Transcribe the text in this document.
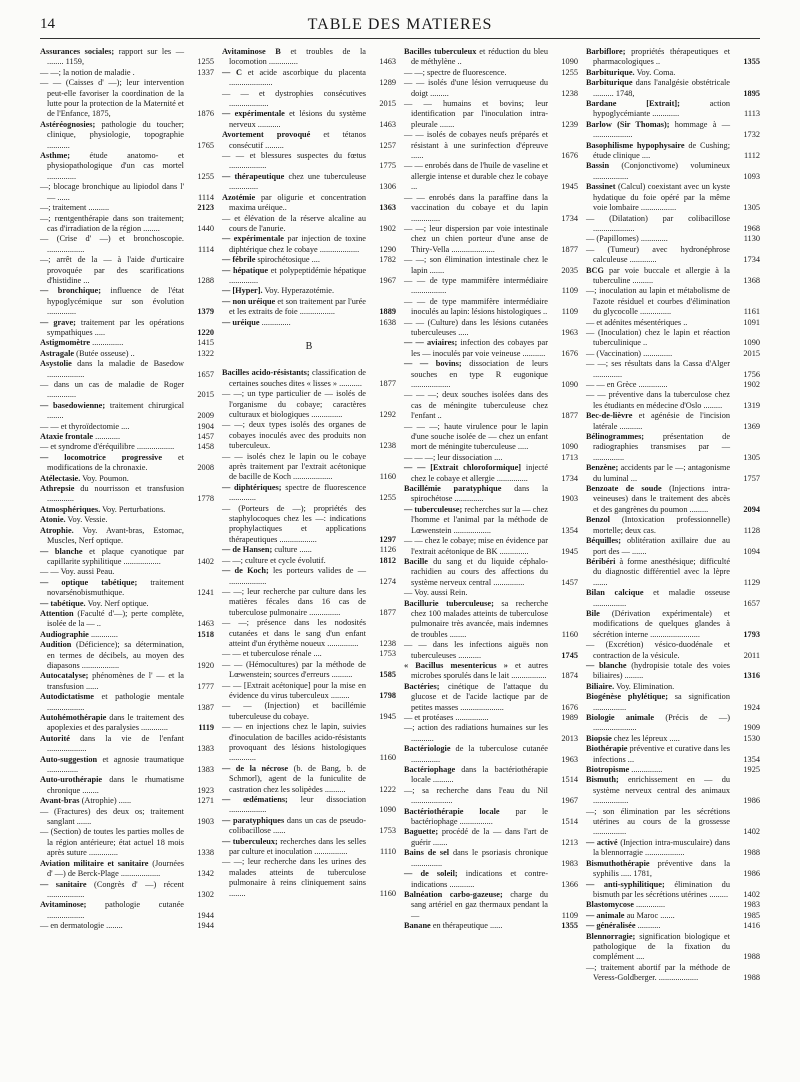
14	TABLE DES MATIERES
Assurances sociales; rapport sur les — ........ 1159,	1255
— —; la notion de maladie .	1337
— — (Caisses d' —); leur intervention peut-elle favoriser la coordination de la lutte pour la protection de la Maternité et de l'Enfance, 1875,	1876
Astéréognosies; pathologie du toucher; clinique, physiologie, topographie ...........	1765
Asthme; étude anatomo- et physiopathologique d'un cas mortel ..............	1255
—; blocage bronchique au lipiodol dans l' — ......	1114
—; traitement ..........	2123
—; rœntgenthérapie dans son traitement; cas d'irradiation de la région ........	1440
— (Crise d' —) et bronchoscopie. ..................	1114
—; arrêt de la — à l'aide d'urticaire provoquée par des scarifications d'histidine ...	1288
— bronchique; influence de l'état hypoglycémique sur son évolution ..............	1379
— grave; traitement par les opérations sympathiques .....	1220
Astigmomètre ...............	1415
Astragale (Butée osseuse) ..	1322
Asystolie dans la maladie de Basedow ..................	1657
— dans un cas de maladie de Roger ..............	2015
— basedowienne; traitement chirurgical ........	2009
— — et thyroïdectomie ....	1904
Ataxie frontale ............	1457
— et syndrome d'éréquilibre ..................	1458
— locomotrice progressive et modifications de la chronaxie.	2008
Atélectasie. Voy. Poumon.
Athrepsie du nourrisson et transfusion .............	1778
Atmosphériques. Voy. Perturbations.
Atonie. Voy. Vessie.
Atrophie. Voy. Avant-bras, Estomac, Muscles, Nerf optique.
— blanche et plaque cyanotique par capillarite syphilitique ..................	1402
— — Voy. aussi Peau.
— optique tabétique; traitement novarsénobismuthique.	1241
— tabétique. Voy. Nerf optique.
Attention (Faculté d'—); perte complète, isolée de la — ..	1463
Audiographie .............	1518
Audition (Déficience); sa détermination, en termes de décibels, au moyen des diapasons ..................	1920
Autocatalyse; phénomènes de l' — et la transfusion ......	1777
Autodictatisme et pathologie mentale ..................	1387
Autohémothérapie dans le traitement des apoplexies et des paralysies .............	1119
Autorité dans la vie de l'enfant ...................	1383
Auto-suggestion et agnosie traumatique ...............	1383
Auto-urothérapie dans le rhumatisme chronique ........	1923
Avant-bras (Atrophie) ......	1271
— (Fractures) des deux os; traitement sanglant .......	1903
— (Section) de toutes les parties molles de la région antérieure; état actuel 18 mois après suture ..............	1338
Aviation militaire et sanitaire (Journées d' —) de Berck-Plage ...................	1342
— sanitaire (Congrès d' —) récent ..................	1302
Avitaminose; pathologie cutanée ..................	1944
— en dermatologie ........	1944
Avitaminose B et troubles de la locomotion ..............	1463
— C et acide ascorbique du placenta .....................	1289
— — et dystrophies consécutives ...................	2015
— expérimentale et lésions du système nerveux ...........	1463
Avortement provoqué et tétanos consécutif .........	1257
— — et blessures suspectes du fœtus ..................	1775
— thérapeutique chez une tuberculeuse ..............	1306
Azotémie par oligurie et concentration maxima uréique..	1363
— et élévation de la réserve alcaline au cours de l'anurie.	1902
— expérimentale par injection de toxine diphtérique chez le cobaye ................... 1290
— fébrile spirochétosique ....	1782
— hépatique et polypeptidémie hépatique ..............	1967
— [Hyper]. Voy. Hyperazotémie.
— non uréique et son traitement par l'urée et les extraits de foie .................	1889
— uréique ..............	1638
B
Bacilles acido-résistants; classification de certaines souches dites « lisses » ........... 1877
— —; un type particulier de — isolés de l'organisme du cobaye; caractères culturaux et biologiques ...............	1292
— —; deux types isolés des organes de cobayes inoculés avec des produits non tuberculeux.	1238
— — isolés chez le lapin ou le cobaye après traitement par l'extrait acétonique de bacille de Koch ...................	1160
— diphtériques; spectre de fluorescence .............	1255
— (Porteurs de —); propriétés des staphylocoques chez les —: indications prophylactiques et applications thérapeutiques ..................	1297
— de Hansen; culture ......	1126
— —; culture et cycle évolutif.	1812
— de Koch; les porteurs valides de — ..................	1274
— —; leur recherche par culture dans les matières fécales dans 16 cas de tuberculose pulmonaire ...............	1877
— —; présence dans les nodosités cutanées et dans le sang d'un enfant atteint d'un érythème noueux ...............	1238
— — et tuberculose rénale ....	1753
— — (Hémocultures) par la méthode de Lœwenstein; sources d'erreurs ..........	1585
— — [Extrait acétonique] pour la mise en évidence du virus tuberculeux .........	1798
— — (Injection) et bacillémie tuberculeuse du cobaye.	1945
— — en injections chez le lapin, suivies d'inoculation de bacilles acido-résistants provoquant des lésions histologiques .............	1160
— de la nécrose (b. de Bang, b. de Schmorl), agent de la funiculite de castration chez les solipèdes ..........	1222
— œdématiens; leur dissociation ..................	1090
— paratyphiques dans un cas de pseudo-colibacillose ......	1753
— tuberculeux; recherches dans les selles par culture et inoculation ................	1110
— —; leur recherche dans les urines des malades atteints de tuberculose pulmonaire à reins cliniquement sains ........	1160
Bacilles tuberculeux et réduction du bleu de méthylène ..	1090
— —; spectre de fluorescence.	1255
— — isolés d'une lésion verruqueuse du doigt .........	1238
— — humains et bovins; leur identification par l'inoculation intra-pleurale .......	1239
— — isolés de cobayes neufs préparés et résistant à une surinfection d'épreuve ......	1676
— — enrobés dans de l'huile de vaseline et allergie intense et durable chez le cobaye ...	1945
— — enrobés dans la paraffine dans la vaccination du cobaye et du lapin ..............	1734
— —; leur dispersion par voie intestinale chez un chien porteur d'une anse de Thiry-Vella .....................	1877
— —; son élimination intestinale chez le lapin .......	2035
— — de type mammifère intermédiaire .................	1109
— — de type mammifère intermédiaire inoculés au lapin: lésions histologiques .. 1109
— — (Culture) dans les lésions cutanées tuberculeuses .....	1963
— — aviaires; infection des cobayes par les — inoculés par voie veineuse ........... 1676
— — bovins; dissociation de leurs souches en type R eugonique ...................	1090
— — —; deux souches isolées dans des cas de méningite tuberculeuse chez l'enfant ..	1877
— — —; haute virulence pour le lapin d'une souche isolée de — chez un enfant mort de méningite tuberculeuse .....	1090
— — —; leur dissociation ....	1713
— — [Extrait chloroformique] injecté chez le cobaye et allergie ...............	1734
Bacillémie paratyphique dans la spirochétose ..............	1903
— tuberculeuse; recherches sur la — chez l'homme et l'animal par la méthode de Lœwenstein ..................	1354
— — chez le cobaye; mise en évidence par l'extrait acétonique de BK ..............	1945
Bacille du sang et du liquide céphalo-rachidien au cours des affections du système nerveux central ...............	1457
— Voy. aussi Rein.
Bacillurie tuberculeuse; sa recherche chez 100 malades atteints de tuberculose pulmonaire très avancée, mais indemnes de troubles ........	1160
— — dans les infections aiguës non tuberculeuses ...........	1745
« Bacillus mesentericus » et autres microbes sporulés dans le lait ................. 1874
Bactéries; cinétique de l'attaque du glucose et de l'acide lactique par de petites masses .....................	1676
— et protéases ................	1989
—; action des radiations humaines sur les ...........	2013
Bactériologie de la tuberculose cutanée ..............	1963
Bactériophage dans la bactériothérapie locale ..........	1514
—; sa recherche dans l'eau du Nil ....................	1967
Bactériothérapie locale par le bactériophage ................	1514
Baguette; procédé de la — dans l'art de guérir .......	1213
Bains de sel dans le psoriasis chronique ...............	1983
— de soleil; indications et contre-indications ............	1366
Balnéation carbo-gazeuse; charge du sang artériel en gaz thermaux pendant la —	1109
Banane en thérapeutique ......	1355
Barbiflore; propriétés thérapeutiques et pharmacologiques ..	1355
Barbiturique. Voy. Coma.
Barbiturique dans l'analgésie obstétricale .......... 1748,	1895
Bardane [Extrait]; action hypoglycémiante .............	1113
Barlow (Sir Thomas); hommage à — ...................	1732
Basophilisme hypophysaire de Cushing; étude clinique ....	1112
Bassin (Conjonctivome) volumineux .................	1093
Bassinet (Calcul) coexistant avec un kyste hydatique du foie opéré par la même voie lombaire .................	1305
— (Dilatation) par colibacillose ....................	1968
— (Papillomes) .............	1130
— (Tumeur) avec hydronéphrose calculeuse .............	1734
BCG par voie buccale et allergie à la tuberculine ..........	1368
—; inoculation au lapin et métabolisme de l'azote résiduel et courbes d'élimination du glycocolle ...............	1161
— et adénites mésentériques ..	1091
— (Inoculation) chez le lapin et réaction tuberculinique ..	1090
— (Vaccination) ..............	2015
— —; ses résultats dans la Cassa d'Alger ..............	1756
— — en Grèce ..............	1902
— — préventive dans la tuberculose chez les étudiants en médecine d'Oslo .........	1319
Bec-de-lièvre et agénésie de l'incision latérale ...........	1369
Bélinogrammes; présentation de radiographies transmises par — ...............	1305
Benzène; accidents par le —; antagonisme du luminal ...	1757
Benzoate de soude (Injections intra-veineuses) dans le traitement des abcès et des gangrènes du poumon .........	2094
Benzol (Intoxication professionnelle) mortelle; deux cas.	1128
Béquilles; oblitération axillaire due au port des — .......	1094
Béribéri à forme anesthésique; difficulté du diagnostic différentiel avec la lèpre .......	1129
Bilan calcique et maladie osseuse ................	1657
Bile (Dérivation expérimentale) et modifications de quelques glandes à sécrétion interne ........................	1793
— (Excrétion) vésico-duodénale et contraction de la vésicule.	2011
— blanche (hydropisie totale des voies biliaires) .........	1316
Biliaire. Voy. Elimination.
Biogénèse phylétique; sa signification ................	1924
Biologie animale (Précis de —) .....................	1909
Biopsie chez les lépreux .....	1530
Biothérapie préventive et curative dans les infections ...	1354
Biotropisme ...............	1925
Bismuth; enrichissement en — du système nerveux central des animaux .................	1986
—; son élimination par les sécrétions utérines au cours de la grossesse ................	1402
— activé (Injection intra-musculaire) dans la blennorragie ...................	1988
Bismuthothérapie préventive dans la syphilis ..... 1781,	1986
— anti-syphilitique; élimination du bismuth par les sécrétions utérines ......... 1402
Blastomycose ..............	1983
— animale au Maroc .......	1985
— généralisée ...........	1416
Blennorragie; signification biologique et pathologique de la fixation du complément ....	1988
—; traitement abortif par la méthode de Veress-Goldberger. ...................	1988
